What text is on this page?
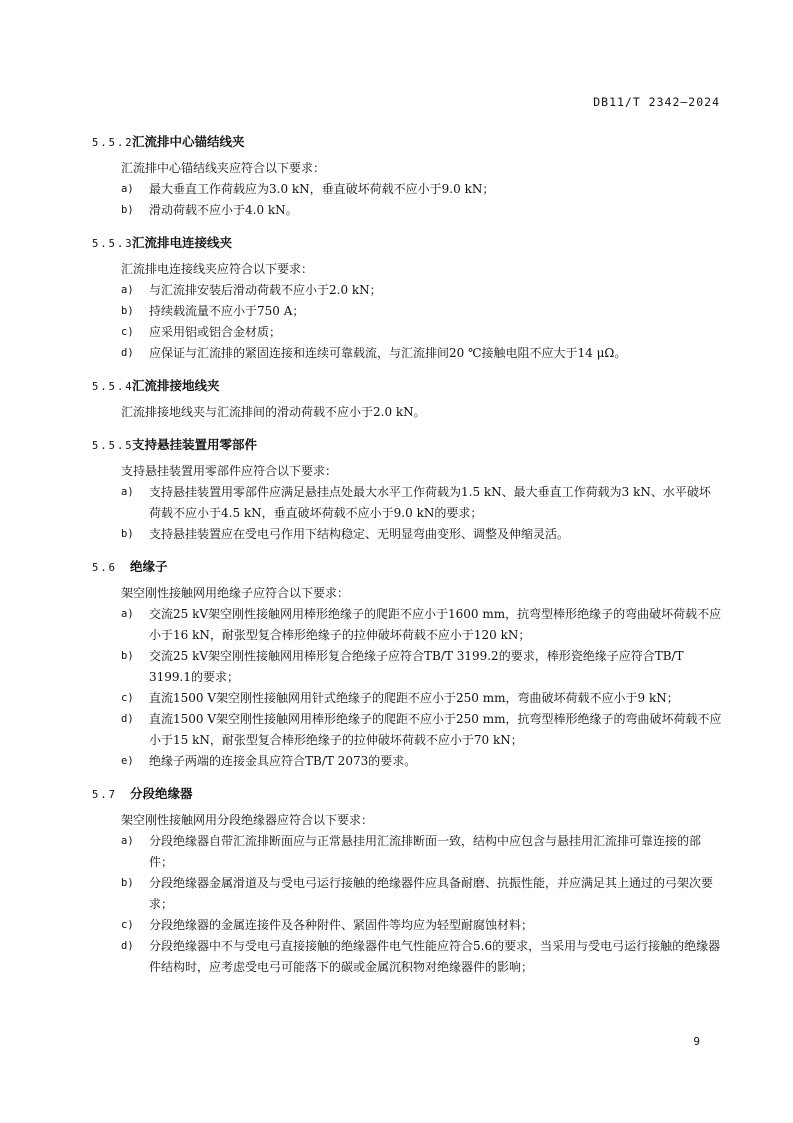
DB11/T 2342—2024
5.5.2
汇流排中心锚结线夹

汇流排中心锚结线夹应符合以下要求：

a)	最大垂直工作荷载应为3.0 kN，垂直破坏荷载不应小于9.0 kN；
b)	滑动荷载不应小于4.0 kN。
5.5.3
汇流排电连接线夹

汇流排电连接线夹应符合以下要求：

a)	与汇流排安装后滑动荷载不应小于2.0 kN；
b)	持续载流量不应小于750 A；
c)	应采用铝或铝合金材质；
d)	应保证与汇流排的紧固连接和连续可靠载流，与汇流排间20 ℃接触电阻不应大于14 μΩ。
5.5.4
汇流排接地线夹

汇流排接地线夹与汇流排间的滑动荷载不应小于2.0 kN。

5.5.5
支持悬挂装置用零部件

支持悬挂装置用零部件应符合以下要求：

a)	支持悬挂装置用零部件应满足悬挂点处最大水平工作荷载为1.5 kN、最大垂直工作荷载为3 kN、水平破坏荷载不应小于4.5 kN，垂直破坏荷载不应小于9.0 kN的要求；
b)	支持悬挂装置应在受电弓作用下结构稳定、无明显弯曲变形、调整及伸缩灵活。
5.6	绝缘子

架空刚性接触网用绝缘子应符合以下要求：

a)	交流25 kV架空刚性接触网用棒形绝缘子的爬距不应小于1600 mm，抗弯型棒形绝缘子的弯曲破坏荷载不应小于16 kN，耐张型复合棒形绝缘子的拉伸破坏荷载不应小于120 kN；
b)	交流25 kV架空刚性接触网用棒形复合绝缘子应符合TB/T 3199.2的要求，棒形瓷绝缘子应符合TB/T 3199.1的要求；
c)	直流1500 V架空刚性接触网用针式绝缘子的爬距不应小于250 mm，弯曲破坏荷载不应小于9 kN；
d)	直流1500 V架空刚性接触网用棒形绝缘子的爬距不应小于250 mm，抗弯型棒形绝缘子的弯曲破坏荷载不应小于15 kN，耐张型复合棒形绝缘子的拉伸破坏荷载不应小于70 kN；
e)	绝缘子两端的连接金具应符合TB/T 2073的要求。
5.7	分段绝缘器

架空刚性接触网用分段绝缘器应符合以下要求：

a)	分段绝缘器自带汇流排断面应与正常悬挂用汇流排断面一致，结构中应包含与悬挂用汇流排可靠连接的部件；
b)	分段绝缘器金属滑道及与受电弓运行接触的绝缘器件应具备耐磨、抗振性能，并应满足其上通过的弓架次要求；
c)	分段绝缘器的金属连接件及各种附件、紧固件等均应为轻型耐腐蚀材料；
d)	分段绝缘器中不与受电弓直接接触的绝缘器件电气性能应符合5.6的要求，当采用与受电弓运行接触的绝缘器件结构时，应考虑受电弓可能落下的碳或金属沉积物对绝缘器件的影响；
9
